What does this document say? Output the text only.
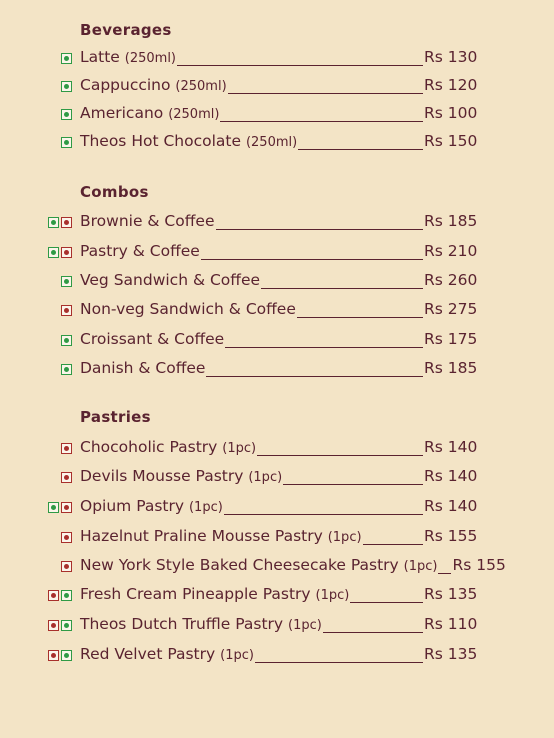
Beverages
Latte (250ml)	Rs 130
Cappuccino (250ml)	Rs 120
Americano (250ml)	Rs 100
Theos Hot Chocolate (250ml)	Rs 150
Combos
Brownie & Coffee	Rs 185
Pastry & Coffee	Rs 210
Veg Sandwich & Coffee	Rs 260
Non-veg Sandwich & Coffee	Rs 275
Croissant & Coffee	Rs 175
Danish & Coffee	Rs 185
Pastries
Chocoholic Pastry (1pc)	Rs 140
Devils Mousse Pastry (1pc)	Rs 140
Opium Pastry (1pc)	Rs 140
Hazelnut Praline Mousse Pastry (1pc)	Rs 155
New York Style Baked Cheesecake Pastry (1pc) Rs 155
Fresh Cream Pineapple Pastry (1pc)	Rs 135
Theos Dutch Truffle Pastry (1pc)	Rs 110
Red Velvet Pastry (1pc)	Rs 135
